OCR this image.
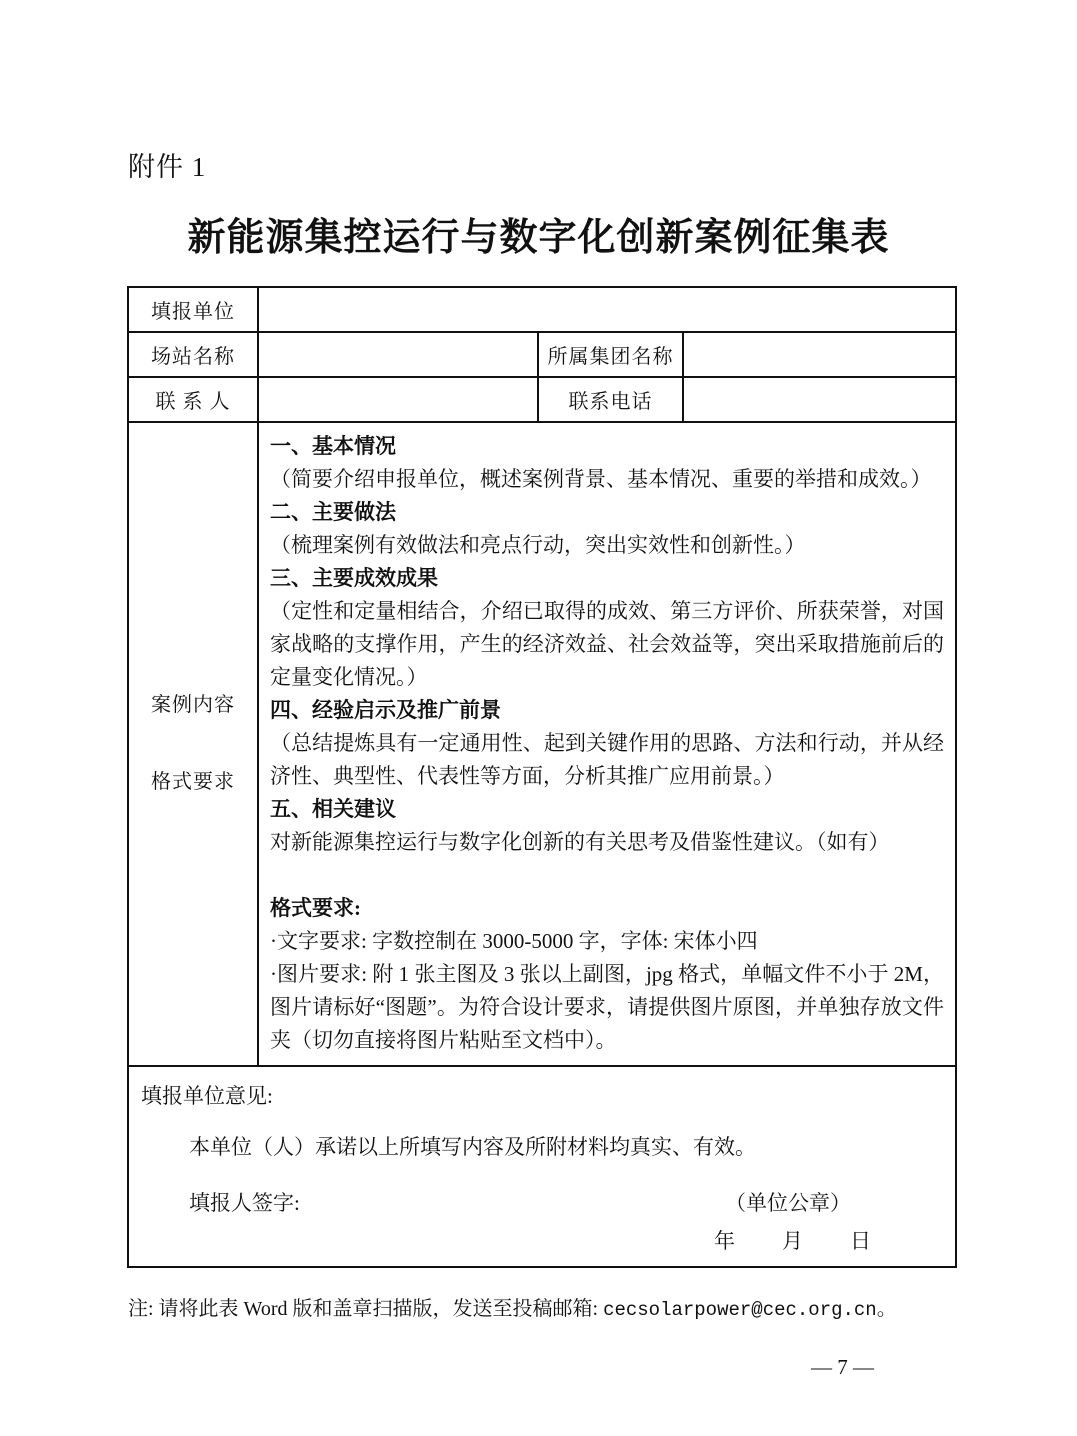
附件 1
新能源集控运行与数字化创新案例征集表
填报单位			
场站名称		所属集团名称	
联 系 人		联系电话	

案例内容

格式要求

一、基本情况
（简要介绍申报单位，概述案例背景、基本情况、重要的举措和成效。）
二、主要做法
（梳理案例有效做法和亮点行动，突出实效性和创新性。）
三、主要成效成果
（定性和定量相结合，介绍已取得的成效、第三方评价、所获荣誉，对国家战略的支撑作用，产生的经济效益、社会效益等，突出采取措施前后的定量变化情况。）
四、经验启示及推广前景
（总结提炼具有一定通用性、起到关键作用的思路、方法和行动，并从经济性、典型性、代表性等方面，分析其推广应用前景。）
五、相关建议
对新能源集控运行与数字化创新的有关思考及借鉴性建议。（如有）
格式要求:
·文字要求: 字数控制在 3000-5000 字，字体: 宋体小四
·图片要求: 附 1 张主图及 3 张以上副图，jpg 格式，单幅文件不小于 2M，图片请标好“图题”。为符合设计要求，请提供图片原图，并单独存放文件夹（切勿直接将图片粘贴至文档中）。

填报单位意见:
本单位（人）承诺以上所填写内容及所附材料均真实、有效。
填报人签字:	（单位公章）
年 月 日
注: 请将此表 Word 版和盖章扫描版，发送至投稿邮箱: cecsolarpower@cec.org.cn。
— 7 —
